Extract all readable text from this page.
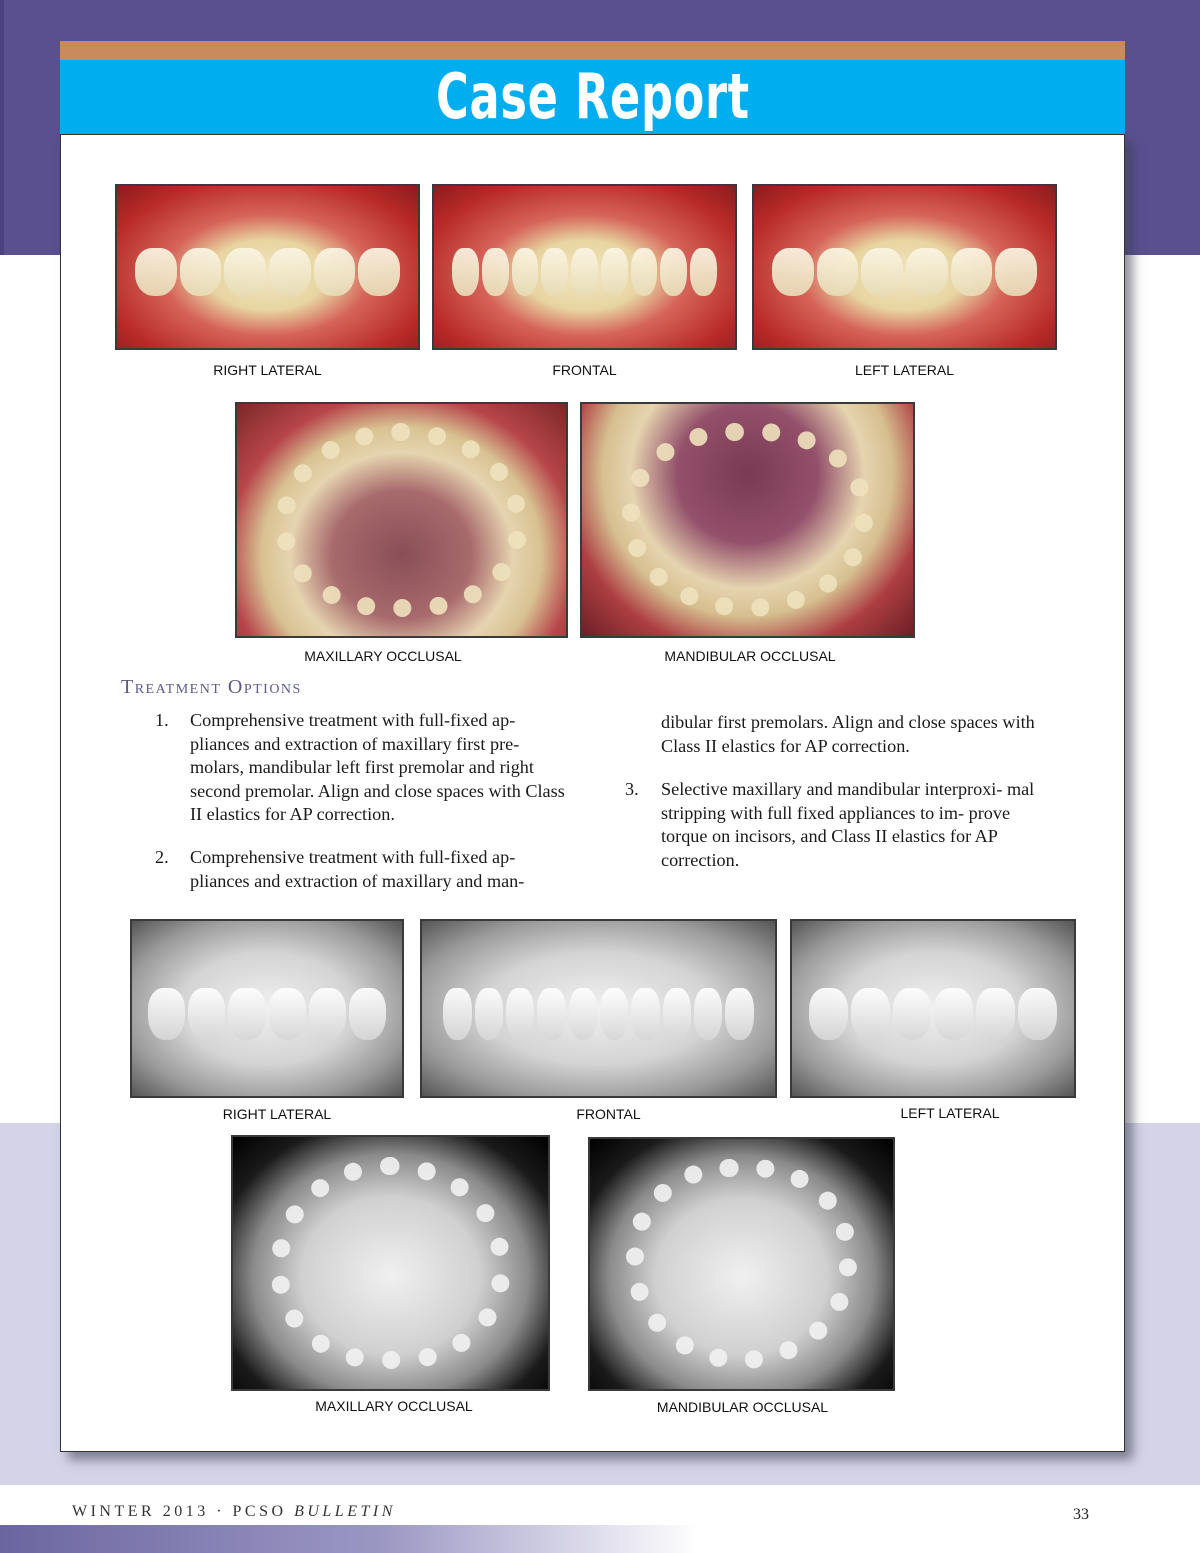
Case Report
RIGHT LATERAL	FRONTAL	LEFT LATERAL
MAXILLARY OCCLUSAL	MANDIBULAR OCCLUSAL
Treatment Options
1. Comprehensive treatment with full-fixed ap- pliances and extraction of maxillary first pre- molars, mandibular left first premolar and right second premolar. Align and close spaces with Class II elastics for AP correction.
2. Comprehensive treatment with full-fixed ap- pliances and extraction of maxillary and man-
dibular first premolars. Align and close spaces with Class II elastics for AP correction.
3. Selective maxillary and mandibular interproxi- mal stripping with full fixed appliances to im- prove torque on incisors, and Class II elastics for AP correction.
RIGHT LATERAL	FRONTAL	LEFT LATERAL
MAXILLARY OCCLUSAL	MANDIBULAR OCCLUSAL
WINTER 2013 · PCSO BULLETIN	33
